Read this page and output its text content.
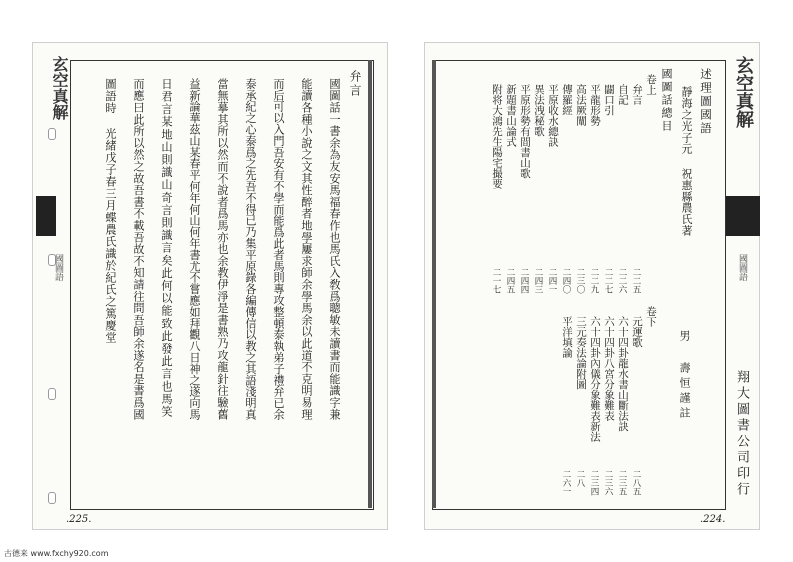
弁言
國圖話一書余為友安馬福春作也馬氏入敎爲聰敏未讀書而能識字兼
能讀各種小說之文其性醉者地學屢求師余學馬余以此道不克明易理
而后可以入門吾安有不學而能爲此者馬則專攻整頓泰執弟子禮弁已余
泰承紀之心泰爲之先吾不得已乃集平原錄各編傳信以教之其語淺明真
當無摹其所以然而不說者爲馬亦也余教伊淨是書熟乃攻龍針往驗舊
益新論華茲山某春平何年何山何年書尤不嘗應如拜觀八日神之遂向馬
日君言某地山則識山奇言則識言矣此何以能致此發此言也馬笑
而應曰此所以然之故吾書不載吾故不知請往問吾師余遂名是書爲國
圖語時 光緒戊子春三月蝶農氏識於紀氏之篤慶堂
.225.
玄空真解
國圖語
述理圖國語
靜海之光子元 祝惠縣農氏著
國圖話總目
卷上
弁言
二二五
自記
二二六
闢口引
二二七
平龍形勢
二二九
高法厥闡
二三〇
傳羅經
二四〇
平原收水總訣
二四一
異法洩秘歌
二四三
平原形勢有間書山歌
二四四
新題書山論式
二四五
附将大鴻先生陽宅撮要
二一七
卷下
元運歌
二八五
六十四卦龍水書山斷法訣
二三五
六十四卦八宮分象難表
二三六
六十四卦內儀分象難表新法
二三四
三元奏法論附圖
二八
平洋填論
二六一
男 壽恒謹註
.224.
玄空真解
國圖語
翔大圖書公司印行
古德来 www.fxchy920.com
